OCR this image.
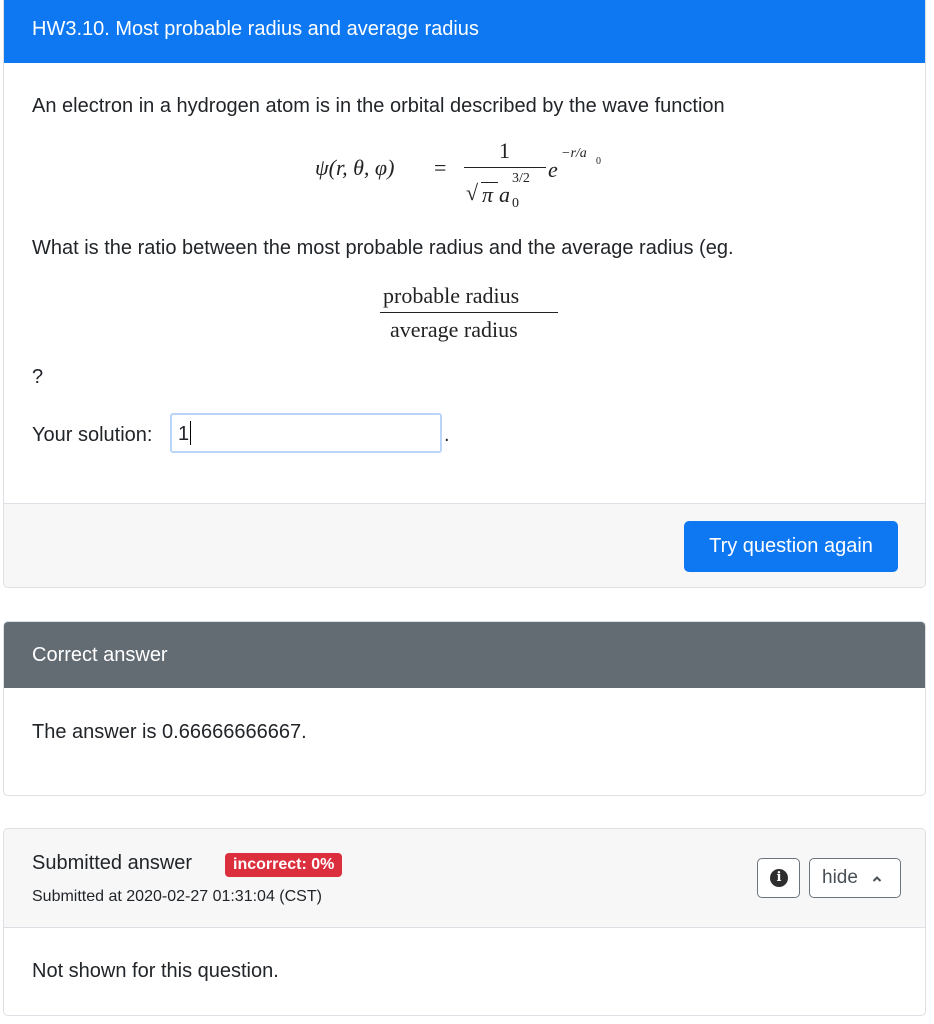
HW3.10. Most probable radius and average radius
An electron in a hydrogen atom is in the orbital described by the wave function
ψ(r, θ, φ) =
1
√ π a
3/2
0
e
−r/a
0
What is the ratio between the most probable radius and the average radius (eg.
probable radius
average radius
?
Your solution:	1	.
Try question again
Correct answer
The answer is 0.66666666667.
Submitted answer	incorrect: 0%
Submitted at 2020-02-27 01:31:04 (CST)
i	hide
Not shown for this question.
